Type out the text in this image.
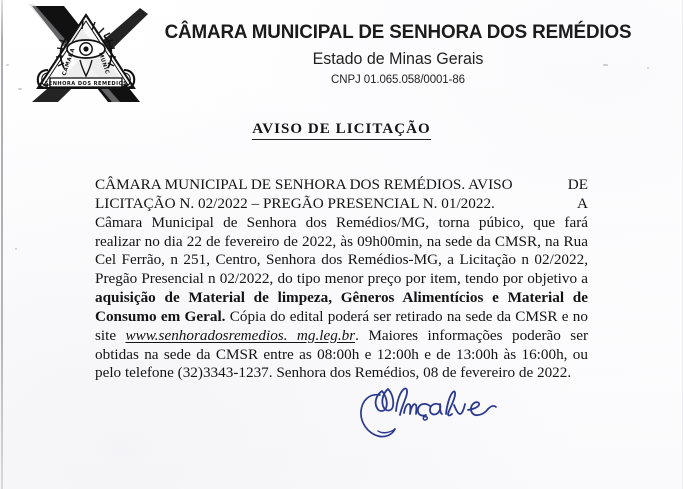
CAMARA
MUNIC
SENHORA DOS REMEDIOS
CÂMARA MUNICIPAL DE SENHORA DOS REMÉDIOS
Estado de Minas Gerais
CNPJ 01.065.058/0001-86
AVISO DE LICITAÇÃO
CÂMARA MUNICIPAL DE SENHORA DOS REMÉDIOS. AVISO	DE
LICITAÇÃO N. 02/2022 – PREGÃO PRESENCIAL N. 01/2022.	A
Câmara Municipal de Senhora dos Remédios/MG, torna púbico, que fará realizar no dia 22 de fevereiro de 2022, às 09h00min, na sede da CMSR, na Rua Cel Ferrão, n 251, Centro, Senhora dos Remédios-MG, a Licitação n 02/2022, Pregão Presencial n 02/2022, do tipo menor preço por item, tendo por objetivo a aquisição de Material de limpeza, Gêneros Alimentícios e Material de Consumo em Geral. Cópia do edital poderá ser retirado na sede da CMSR e no site www.senhoradosremedios. mg.leg.br. Maiores informações poderão ser obtidas na sede da CMSR entre as 08:00h e 12:00h e de 13:00h às 16:00h, ou pelo telefone (32)3343-1237. Senhora dos Remédios, 08 de fevereiro de 2022.
